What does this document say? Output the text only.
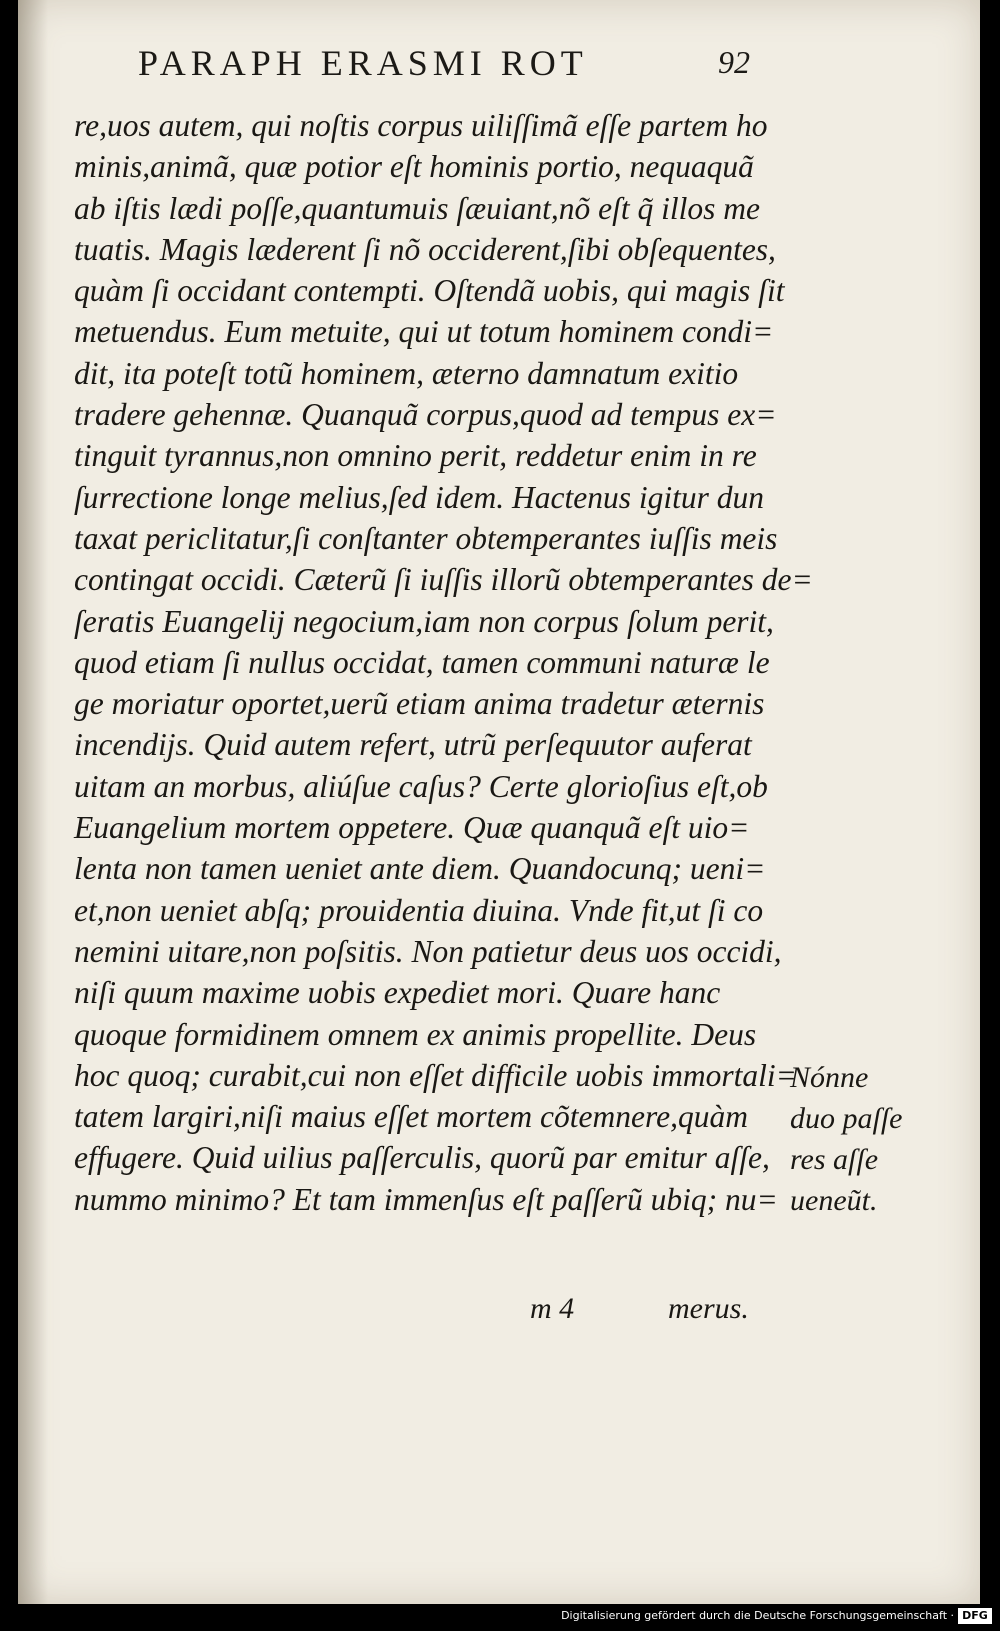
PARAPH ERASMI ROT	92
re,uos autem, qui noſtis corpus uiliſſimã eſſe partem ho
minis,animã, quæ potior eſt hominis portio, nequaquã
ab iſtis lædi poſſe,quantumuis ſæuiant,nõ eſt q̃ illos me
tuatis. Magis læderent ſi nõ occiderent,ſibi obſequentes,
quàm ſi occidant contempti. Oſtendã uobis, qui magis ſit
metuendus. Eum metuite, qui ut totum hominem condi=
dit, ita poteſt totũ hominem, æterno damnatum exitio
tradere gehennæ. Quanquã corpus,quod ad tempus ex=
tinguit tyrannus,non omnino perit, reddetur enim in re
ſurrectione longe melius,ſed idem. Hactenus igitur dun
taxat periclitatur,ſi conſtanter obtemperantes iuſſis meis
contingat occidi. Cæterũ ſi iuſſis illorũ obtemperantes de=
ſeratis Euangelij negocium,iam non corpus ſolum perit,
quod etiam ſi nullus occidat, tamen communi naturæ le
ge moriatur oportet,uerũ etiam anima tradetur æternis
incendijs. Quid autem refert, utrũ perſequutor auferat
uitam an morbus, aliúſue caſus? Certe glorioſius eſt,ob
Euangelium mortem oppetere. Quæ quanquã eſt uio=
lenta non tamen ueniet ante diem. Quandocunq; ueni=
et,non ueniet abſq; prouidentia diuina. Vnde fit,ut ſi co
nemini uitare,non poſsitis. Non patietur deus uos occidi,
niſi quum maxime uobis expediet mori. Quare hanc
quoque formidinem omnem ex animis propellite. Deus
hoc quoq; curabit,cui non eſſet difficile uobis immortali=
tatem largiri,niſi maius eſſet mortem cõtemnere,quàm
effugere. Quid uilius paſſerculis, quorũ par emitur aſſe,
nummo minimo? Et tam immenſus eſt paſſerũ ubiq; nu=
Nónne
duo paſſe
res aſſe
ueneũt.
m 4	merus.
Digitalisierung gefördert durch die Deutsche Forschungsgemeinschaft · DFG
